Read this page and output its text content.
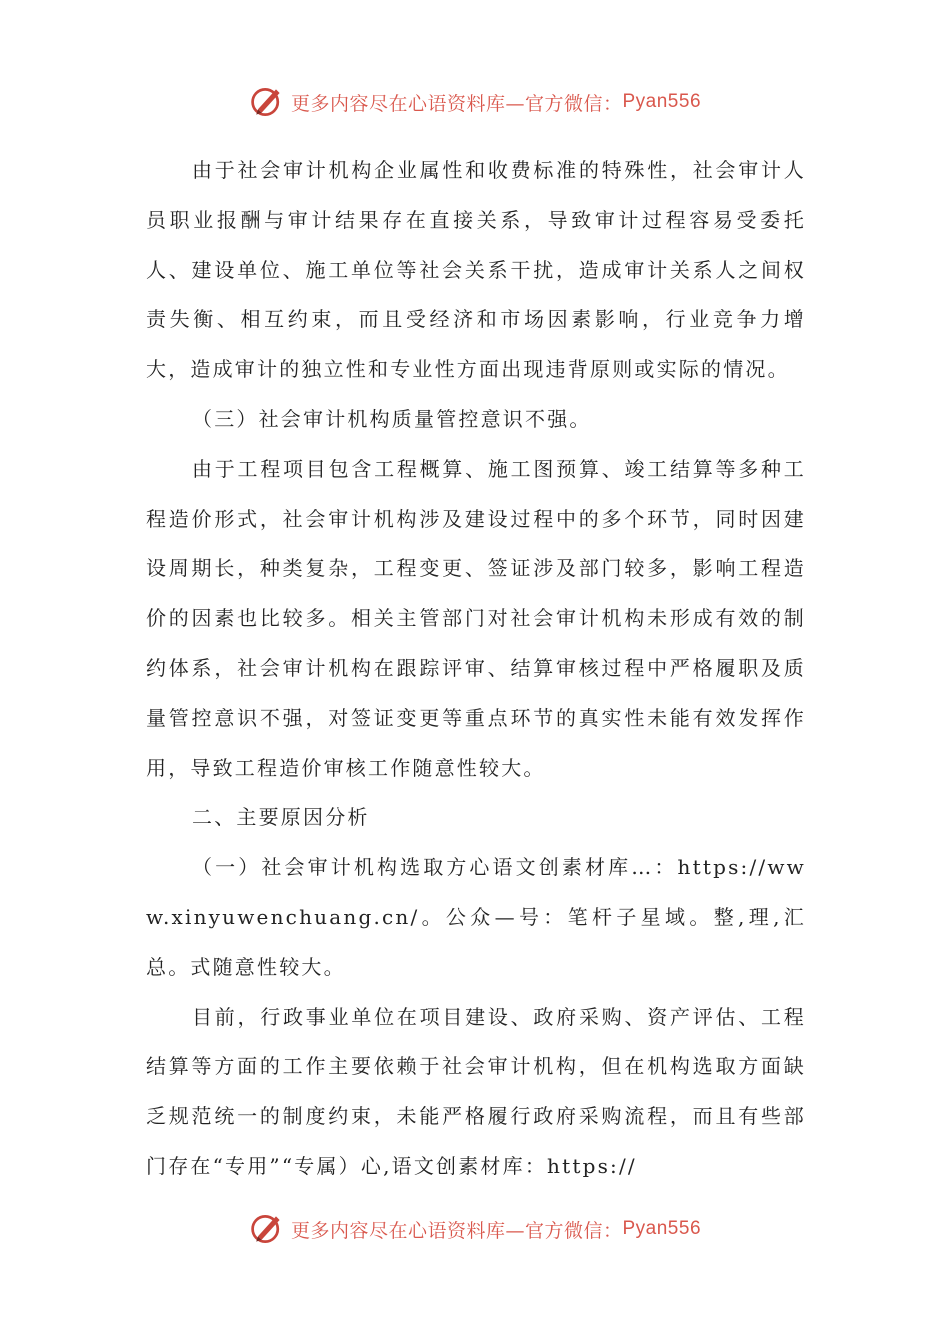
更多内容尽在心语资料库—官方微信： Pyan556

由于社会审计机构企业属性和收费标准的特殊性，社会审计人员职业报酬与审计结果存在直接关系，导致审计过程容易受委托人、建设单位、施工单位等社会关系干扰，造成审计关系人之间权责失衡、相互约束，而且受经济和市场因素影响，行业竞争力增大，造成审计的独立性和专业性方面出现违背原则或实际的情况。

（三）社会审计机构质量管控意识不强。

由于工程项目包含工程概算、施工图预算、竣工结算等多种工程造价形式，社会审计机构涉及建设过程中的多个环节，同时因建设周期长，种类复杂，工程变更、签证涉及部门较多，影响工程造价的因素也比较多。相关主管部门对社会审计机构未形成有效的制约体系，社会审计机构在跟踪评审、结算审核过程中严格履职及质量管控意识不强，对签证变更等重点环节的真实性未能有效发挥作用，导致工程造价审核工作随意性较大。

二、主要原因分析

（一）社会审计机构选取方心语文创素材库…：https://www.xinyuwenchuang.cn/。公众—号：笔杆子星域。整,理,汇总。式随意性较大。

目前，行政事业单位在项目建设、政府采购、资产评估、工程结算等方面的工作主要依赖于社会审计机构，但在机构选取方面缺乏规范统一的制度约束，未能严格履行政府采购流程，而且有些部门存在“专用”“专属）心,语文创素材库：https://

更多内容尽在心语资料库—官方微信： Pyan556
